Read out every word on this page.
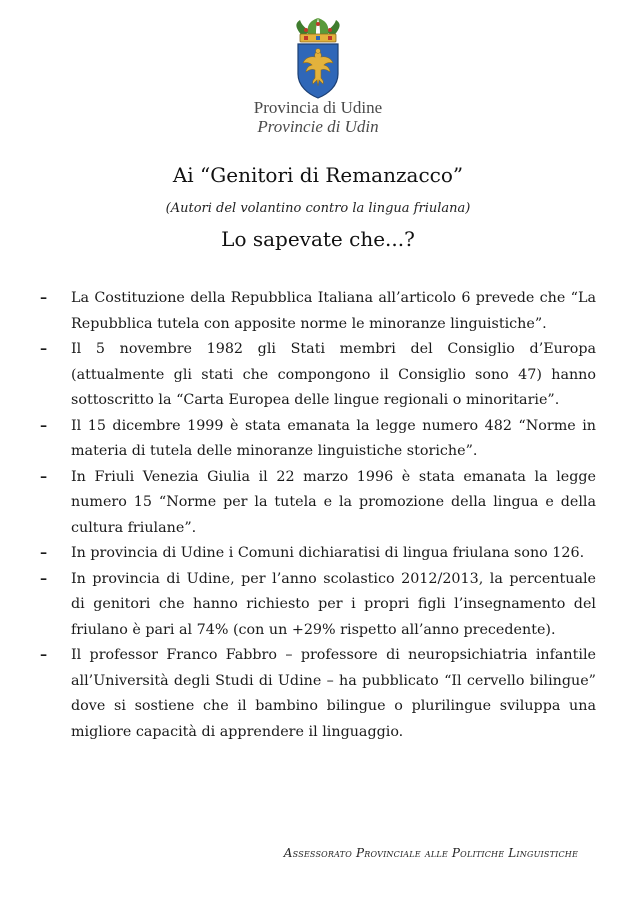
Provincia di Udine
Provincie di Udin
Ai “Genitori di Remanzacco”
(Autori del volantino contro la lingua friulana)
Lo sapevate che...?
– La Costituzione della Repubblica Italiana all’articolo 6 prevede che “La Repubblica tutela con apposite norme le minoranze linguistiche”.
– Il 5 novembre 1982 gli Stati membri del Consiglio d’Europa (attualmente gli stati che compongono il Consiglio sono 47) hanno sottoscritto la “Carta Europea delle lingue regionali o minoritarie”.
– Il 15 dicembre 1999 è stata emanata la legge numero 482 “Norme in materia di tutela delle minoranze linguistiche storiche”.
– In Friuli Venezia Giulia il 22 marzo 1996 è stata emanata la legge numero 15 “Norme per la tutela e la promozione della lingua e della cultura friulane”.
– In provincia di Udine i Comuni dichiaratisi di lingua friulana sono 126.
– In provincia di Udine, per l’anno scolastico 2012/2013, la percentuale di genitori che hanno richiesto per i propri figli l’insegnamento del friulano è pari al 74% (con un +29% rispetto all’anno precedente).
– Il professor Franco Fabbro – professore di neuropsichiatria infantile all’Università degli Studi di Udine – ha pubblicato “Il cervello bilingue” dove si sostiene che il bambino bilingue o plurilingue sviluppa una migliore capacità di apprendere il linguaggio.
Assessorato Provinciale alle Politiche Linguistiche
